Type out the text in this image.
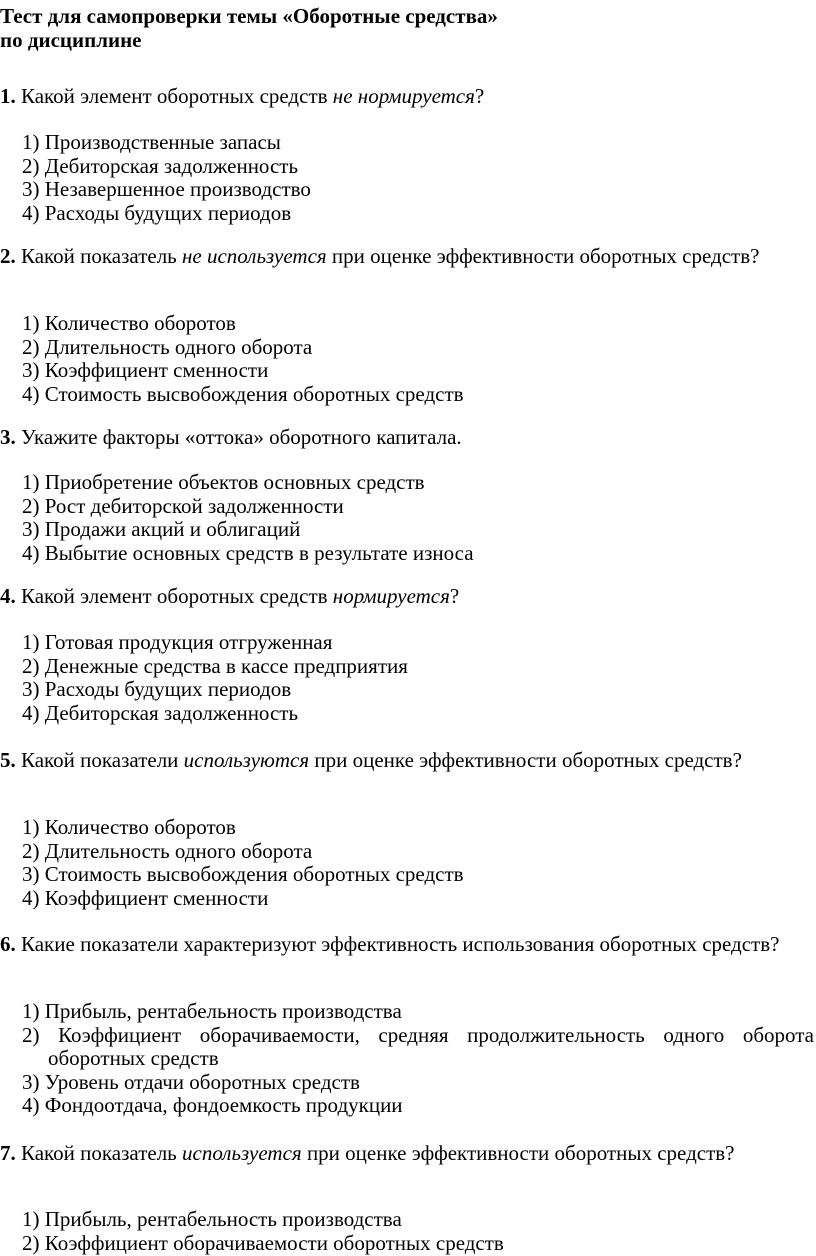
Тест для самопроверки темы «Оборотные средства»
по дисциплине

1. Какой элемент оборотных средств не нормируется?

1) Производственные запасы

2) Дебиторская задолженность

3) Незавершенное производство

4) Расходы будущих периодов

2. Какой показатель не используется при оценке эффективности оборотных средств?

1) Количество оборотов

2) Длительность одного оборота

3) Коэффициент сменности

4) Стоимость высвобождения оборотных средств

3. Укажите факторы «оттока» оборотного капитала.

1) Приобретение объектов основных средств

2) Рост дебиторской задолженности

3) Продажи акций и облигаций

4) Выбытие основных средств в результате износа

4. Какой элемент оборотных средств нормируется?

1) Готовая продукция отгруженная

2) Денежные средства в кассе предприятия

3) Расходы будущих периодов

4) Дебиторская задолженность

5. Какой показатели используются при оценке эффективности оборотных средств?

1) Количество оборотов

2) Длительность одного оборота

3) Стоимость высвобождения оборотных средств

4) Коэффициент сменности

6. Какие показатели характеризуют эффективность использования оборотных средств?

1) Прибыль, рентабельность производства

2) Коэффициент оборачиваемости, средняя продолжительность одного оборота оборотных средств

3) Уровень отдачи оборотных средств

4) Фондоотдача, фондоемкость продукции

7. Какой показатель используется при оценке эффективности оборотных средств?

1) Прибыль, рентабельность производства

2) Коэффициент оборачиваемости оборотных средств
